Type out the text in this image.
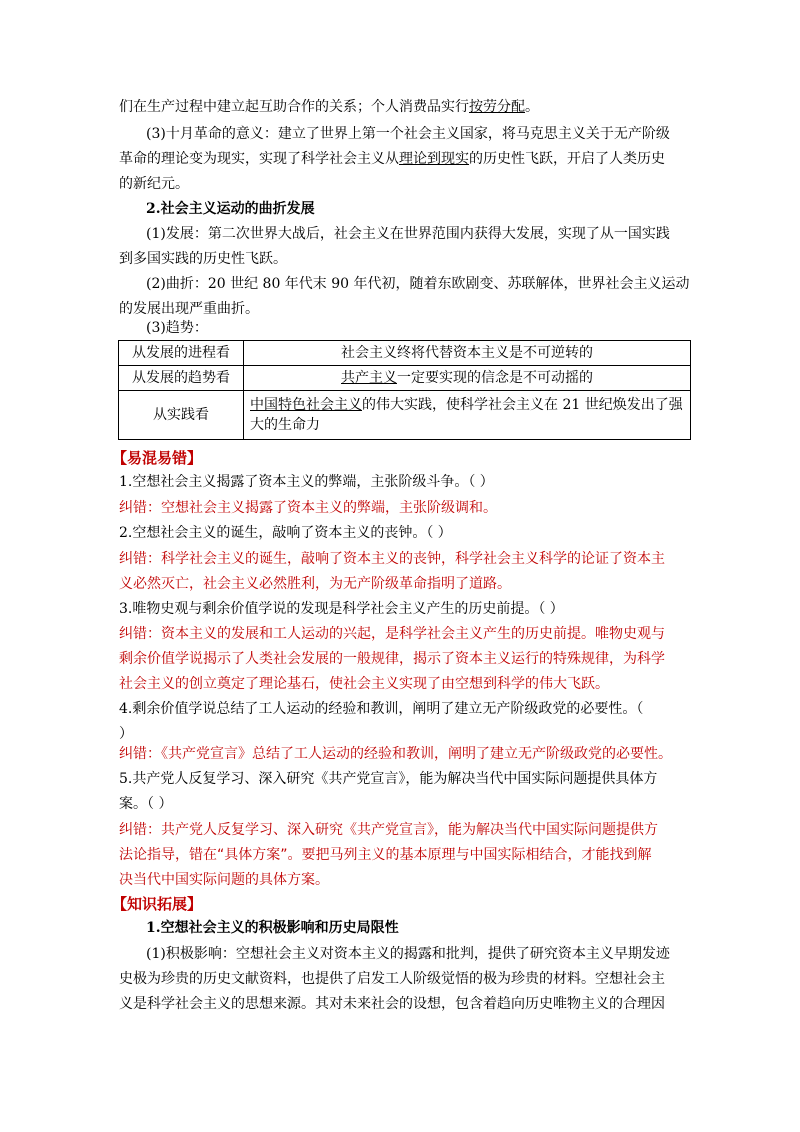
们在生产过程中建立起互助合作的关系；个人消费品实行按劳分配。
(3)十月革命的意义：建立了世界上第一个社会主义国家，将马克思主义关于无产阶级
革命的理论变为现实，实现了科学社会主义从理论到现实的历史性飞跃，开启了人类历史
的新纪元。
2.社会主义运动的曲折发展
(1)发展：第二次世界大战后，社会主义在世界范围内获得大发展，实现了从一国实践
到多国实践的历史性飞跃。
(2)曲折：20 世纪 80 年代末 90 年代初，随着东欧剧变、苏联解体，世界社会主义运动
的发展出现严重曲折。
(3)趋势：
从发展的进程看	社会主义终将代替资本主义是不可逆转的
从发展的趋势看	共产主义一定要实现的信念是不可动摇的
从实践看	中国特色社会主义的伟大实践，使科学社会主义在 21 世纪焕发出了强
大的生命力
【易混易错】
1.空想社会主义揭露了资本主义的弊端，主张阶级斗争。（ ）
纠错：空想社会主义揭露了资本主义的弊端，主张阶级调和。
2.空想社会主义的诞生，敲响了资本主义的丧钟。（ ）
纠错：科学社会主义的诞生，敲响了资本主义的丧钟，科学社会主义科学的论证了资本主
义必然灭亡，社会主义必然胜利，为无产阶级革命指明了道路。
3.唯物史观与剩余价值学说的发现是科学社会主义产生的历史前提。（ ）
纠错：资本主义的发展和工人运动的兴起，是科学社会主义产生的历史前提。唯物史观与
剩余价值学说揭示了人类社会发展的一般规律，揭示了资本主义运行的特殊规律，为科学
社会主义的创立奠定了理论基石，使社会主义实现了由空想到科学的伟大飞跃。
4.剩余价值学说总结了工人运动的经验和教训，阐明了建立无产阶级政党的必要性。（
）
纠错：《共产党宣言》总结了工人运动的经验和教训，阐明了建立无产阶级政党的必要性。
5.共产党人反复学习、深入研究《共产党宣言》，能为解决当代中国实际问题提供具体方
案。（ ）
纠错：共产党人反复学习、深入研究《共产党宣言》，能为解决当代中国实际问题提供方
法论指导，错在“具体方案”。要把马列主义的基本原理与中国实际相结合，才能找到解
决当代中国实际问题的具体方案。
【知识拓展】
1.空想社会主义的积极影响和历史局限性
(1)积极影响：空想社会主义对资本主义的揭露和批判，提供了研究资本主义早期发迹
史极为珍贵的历史文献资料，也提供了启发工人阶级觉悟的极为珍贵的材料。空想社会主
义是科学社会主义的思想来源。其对未来社会的设想，包含着趋向历史唯物主义的合理因
